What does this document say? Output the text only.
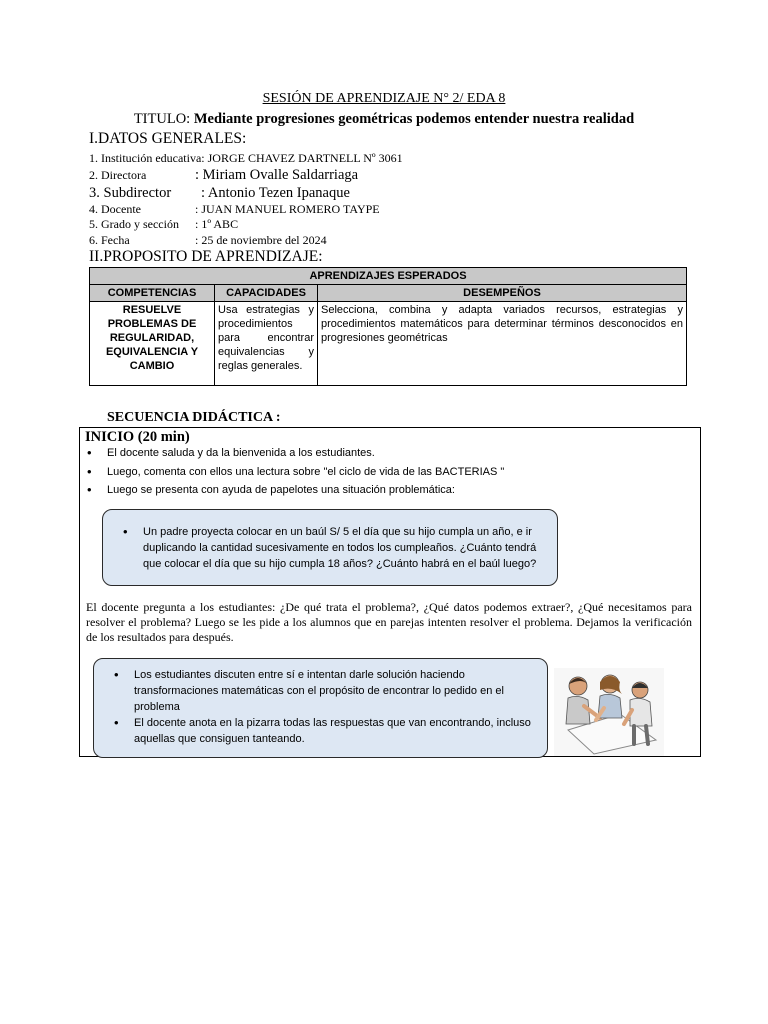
SESIÓN DE APRENDIZAJE N° 2/ EDA 8
TITULO: Mediante progresiones geométricas podemos entender nuestra realidad
I.DATOS GENERALES:
1. Institución educativa: JORGE CHAVEZ DARTNELL Nº 3061
2. Directora	: Miriam Ovalle Saldarriaga
3. Subdirector : Antonio Tezen Ipanaque
4. Docente	: JUAN MANUEL ROMERO TAYPE
5. Grado y sección : 1º ABC
6. Fecha	: 25 de noviembre del 2024
II.PROPOSITO DE APRENDIZAJE:
APRENDIZAJES ESPERADOS		
COMPETENCIAS	CAPACIDADES	DESEMPEÑOS
RESUELVE PROBLEMAS DE REGULARIDAD, EQUIVALENCIA Y CAMBIO	Usa estrategias y procedimientos para encontrar equivalencias y reglas generales.	Selecciona, combina y adapta variados recursos, estrategias y procedimientos matemáticos para determinar términos desconocidos en progresiones geométricas
SECUENCIA DIDÁCTICA :
INICIO (20 min)
• El docente saluda y da la bienvenida a los estudiantes.
• Luego, comenta con ellos una lectura sobre "el ciclo de vida de las BACTERIAS "
• Luego se presenta con ayuda de papelotes una situación problemática:
• Un padre proyecta colocar en un baúl S/ 5 el día que su hijo cumpla un año, e ir duplicando la cantidad sucesivamente en todos los cumpleaños. ¿Cuánto tendrá que colocar el día que su hijo cumpla 18 años? ¿Cuánto habrá en el baúl luego?
El docente pregunta a los estudiantes: ¿De qué trata el problema?, ¿Qué datos podemos extraer?, ¿Qué necesitamos para resolver el problema? Luego se les pide a los alumnos que en parejas intenten resolver el problema. Dejamos la verificación de los resultados para después.
• Los estudiantes discuten entre sí e intentan darle solución haciendo transformaciones matemáticas con el propósito de encontrar lo pedido en el problema
• El docente anota en la pizarra todas las respuestas que van encontrando, incluso aquellas que consiguen tanteando.
